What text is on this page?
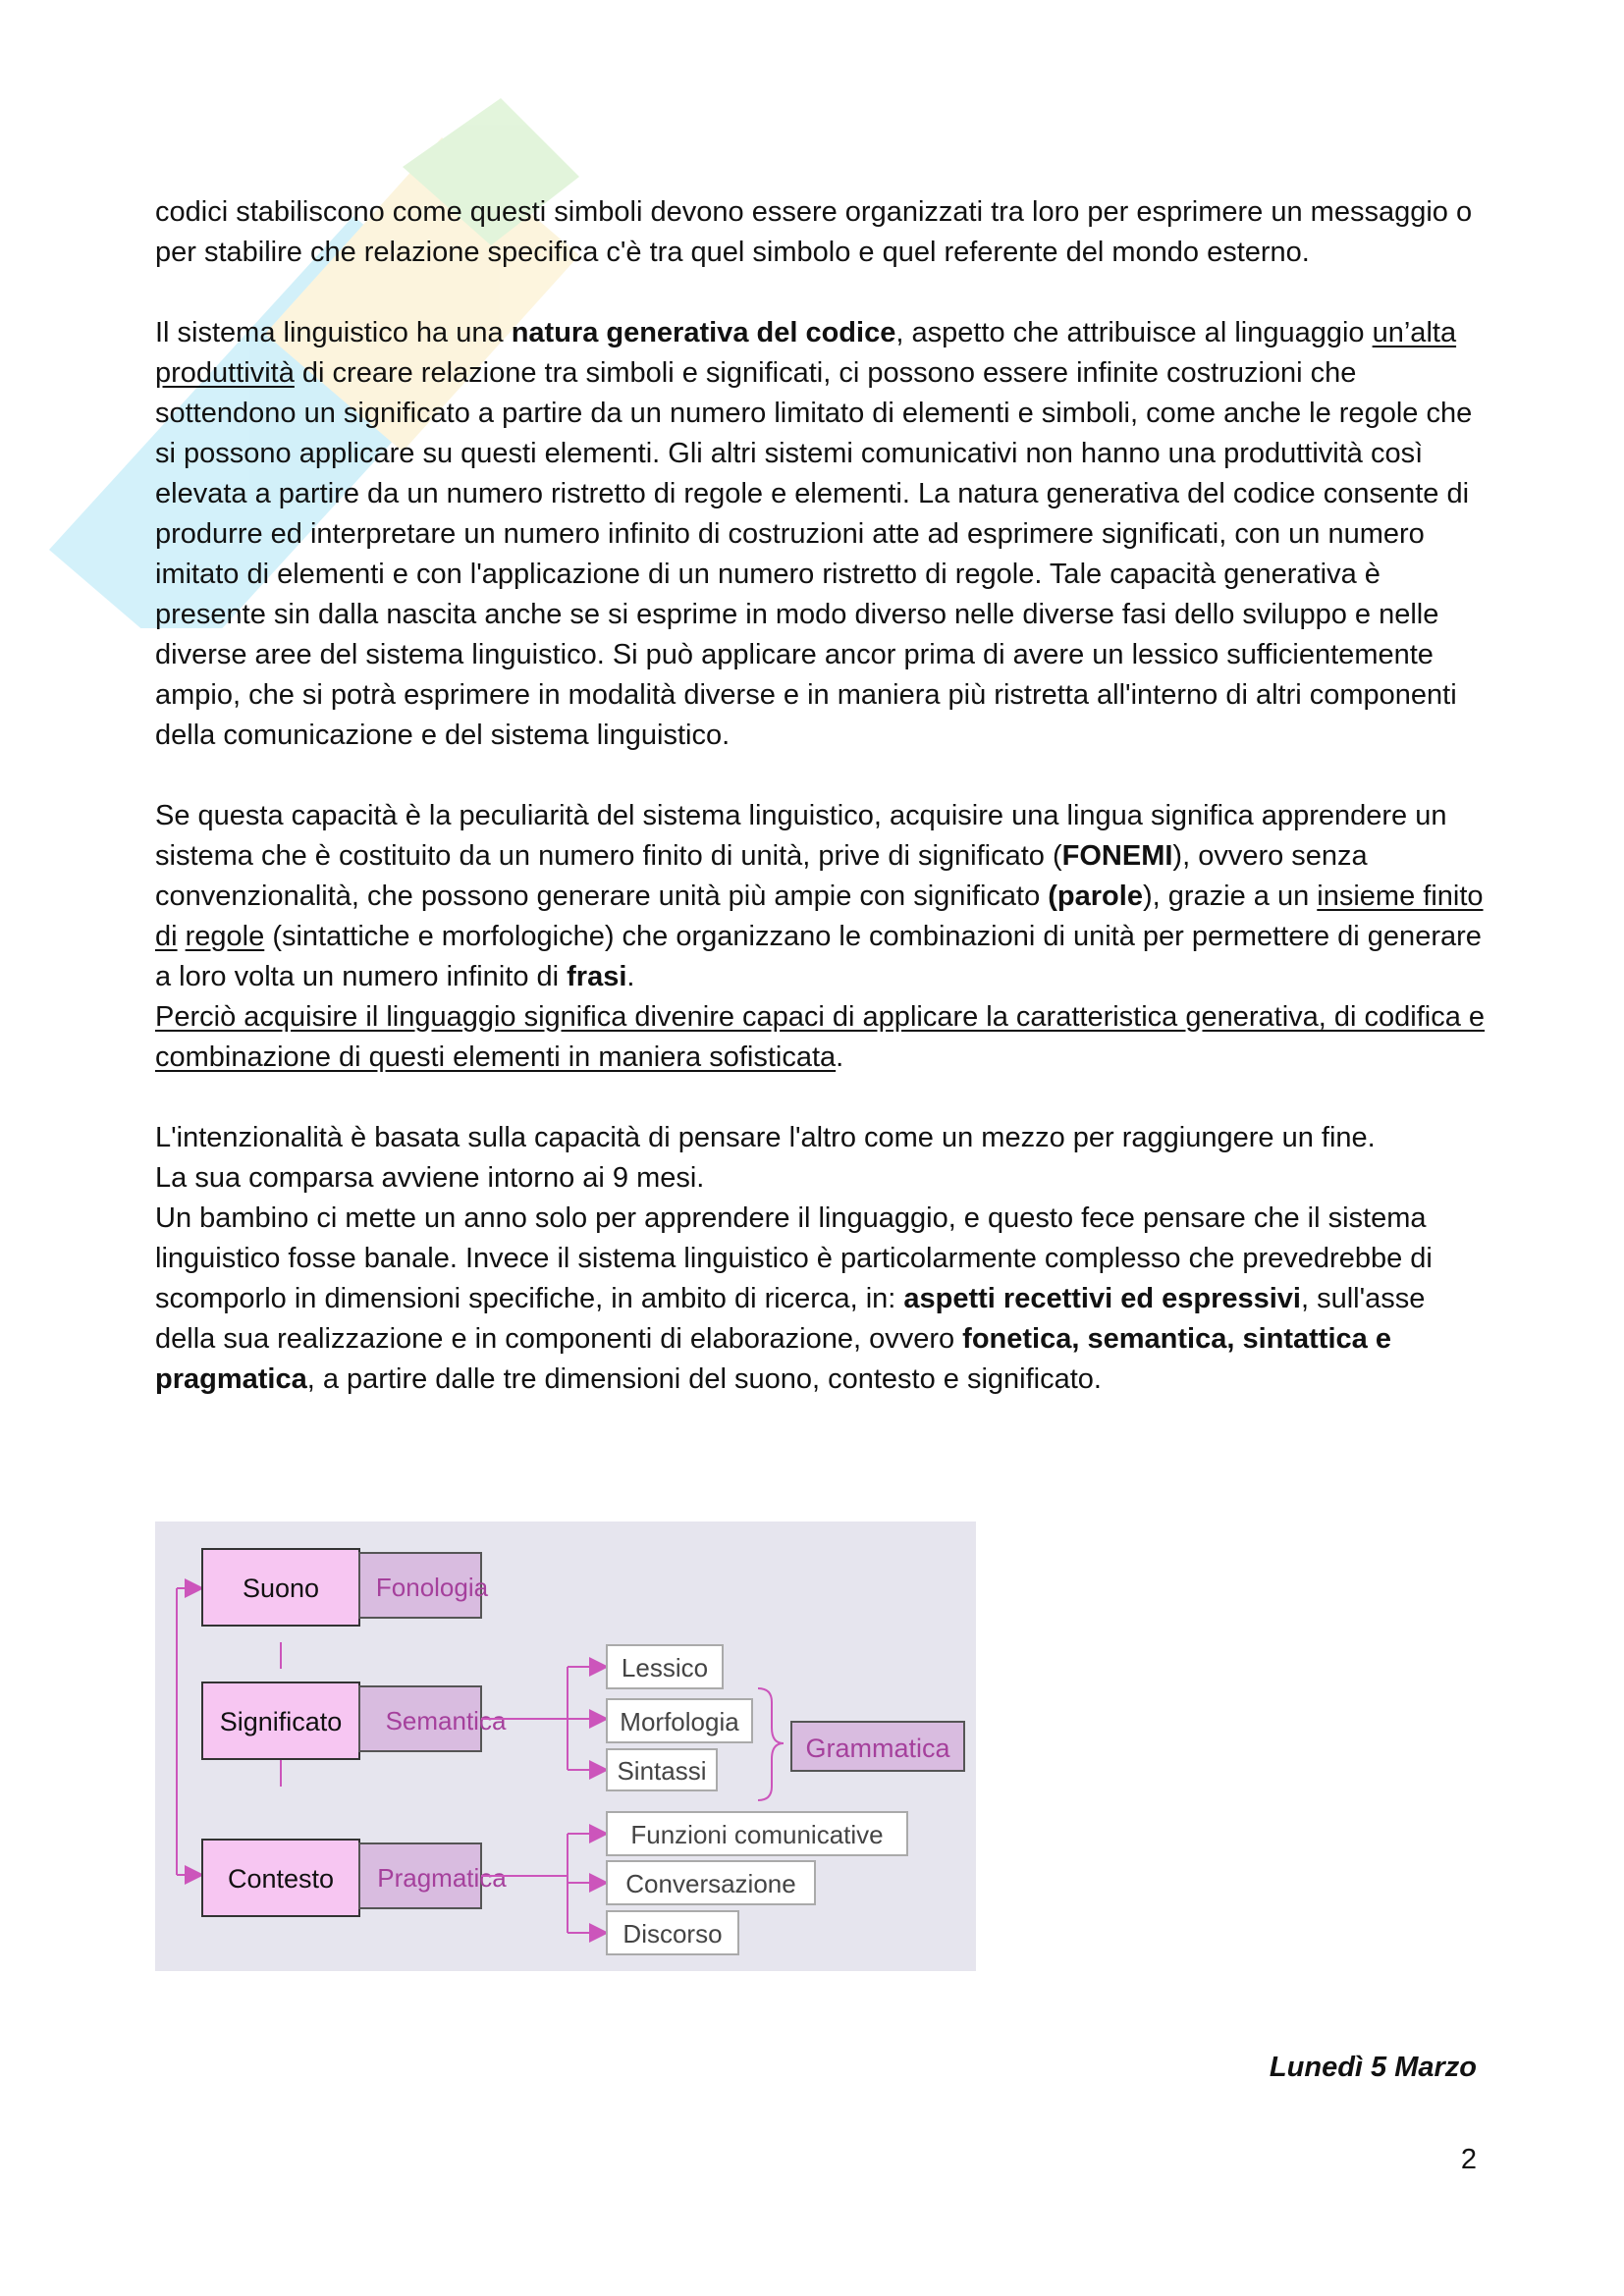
codici stabiliscono come questi simboli devono essere organizzati tra loro per esprimere un messaggio o per stabilire che relazione specifica c'è tra quel simbolo e quel referente del mondo esterno.

Il sistema linguistico ha una natura generativa del codice, aspetto che attribuisce al linguaggio un’alta produttività di creare relazione tra simboli e significati, ci possono essere infinite costruzioni che sottendono un significato a partire da un numero limitato di elementi e simboli, come anche le regole che si possono applicare su questi elementi. Gli altri sistemi comunicativi non hanno una produttività così elevata a partire da un numero ristretto di regole e elementi. La natura generativa del codice consente di produrre ed interpretare un numero infinito di costruzioni atte ad esprimere significati, con un numero imitato di elementi e con l'applicazione di un numero ristretto di regole. Tale capacità generativa è presente sin dalla nascita anche se si esprime in modo diverso nelle diverse fasi dello sviluppo e nelle diverse aree del sistema linguistico. Si può applicare ancor prima di avere un lessico sufficientemente ampio, che si potrà esprimere in modalità diverse e in maniera più ristretta all'interno di altri componenti della comunicazione e del sistema linguistico.

Se questa capacità è la peculiarità del sistema linguistico, acquisire una lingua significa apprendere un sistema che è costituito da un numero finito di unità, prive di significato (FONEMI), ovvero senza convenzionalità, che possono generare unità più ampie con significato (parole), grazie a un insieme finito di regole (sintattiche e morfologiche) che organizzano le combinazioni di unità per permettere di generare a loro volta un numero infinito di frasi.

Perciò acquisire il linguaggio significa divenire capaci di applicare la caratteristica generativa, di codifica e combinazione di questi elementi in maniera sofisticata.

L'intenzionalità è basata sulla capacità di pensare l'altro come un mezzo per raggiungere un fine.

La sua comparsa avviene intorno ai 9 mesi.

Un bambino ci mette un anno solo per apprendere il linguaggio, e questo fece pensare che il sistema linguistico fosse banale. Invece il sistema linguistico è particolarmente complesso che prevedrebbe di scomporlo in dimensioni specifiche, in ambito di ricerca, in: aspetti recettivi ed espressivi, sull'asse della sua realizzazione e in componenti di elaborazione, ovvero fonetica, semantica, sintattica e pragmatica, a partire dalle tre dimensioni del suono, contesto e significato.

Suono
Significato
Contesto
Fonologia
Semantica
Pragmatica
Lessico
Morfologia
Sintassi
Grammatica
Funzioni comunicative
Conversazione
Discorso
Lunedì 5 Marzo
2
